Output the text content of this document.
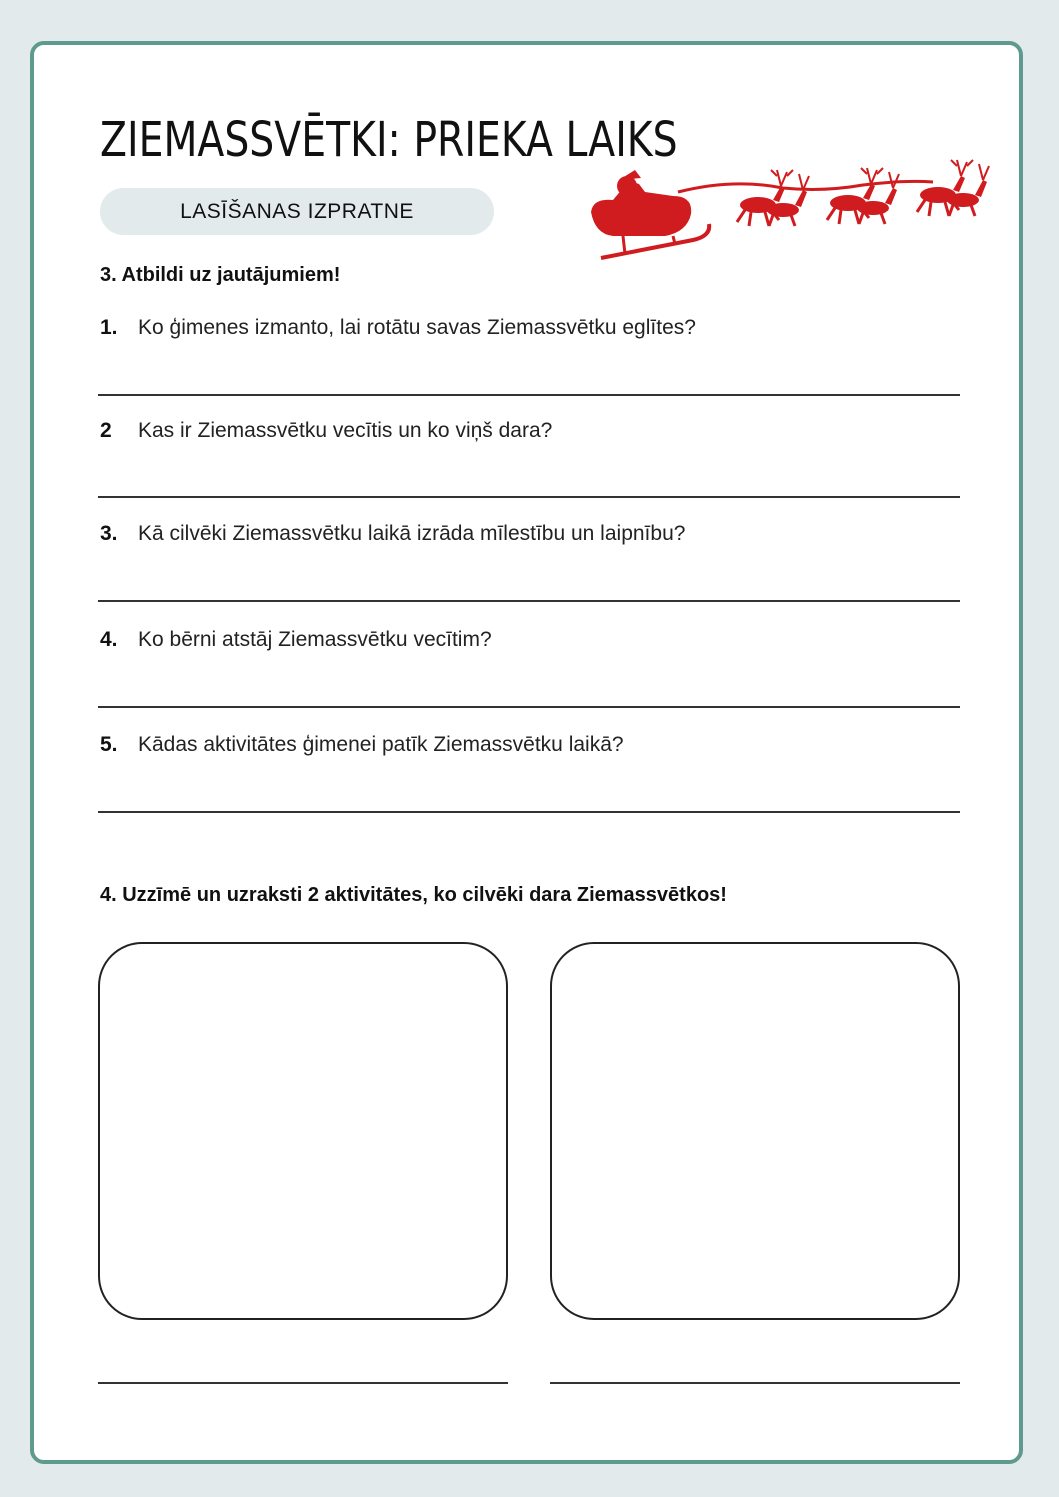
ZIEMASSVĒTKI: PRIEKA LAIKS
LASĪŠANAS IZPRATNE
3. Atbildi uz jautājumiem!
1. Ko ģimenes izmanto, lai rotātu savas Ziemassvētku eglītes?
2 Kas ir Ziemassvētku vecītis un ko viņš dara?
3. Kā cilvēki Ziemassvētku laikā izrāda mīlestību un laipnību?
4. Ko bērni atstāj Ziemassvētku vecītim?
5. Kādas aktivitātes ģimenei patīk Ziemassvētku laikā?
4. Uzzīmē un uzraksti 2 aktivitātes, ko cilvēki dara Ziemassvētkos!
